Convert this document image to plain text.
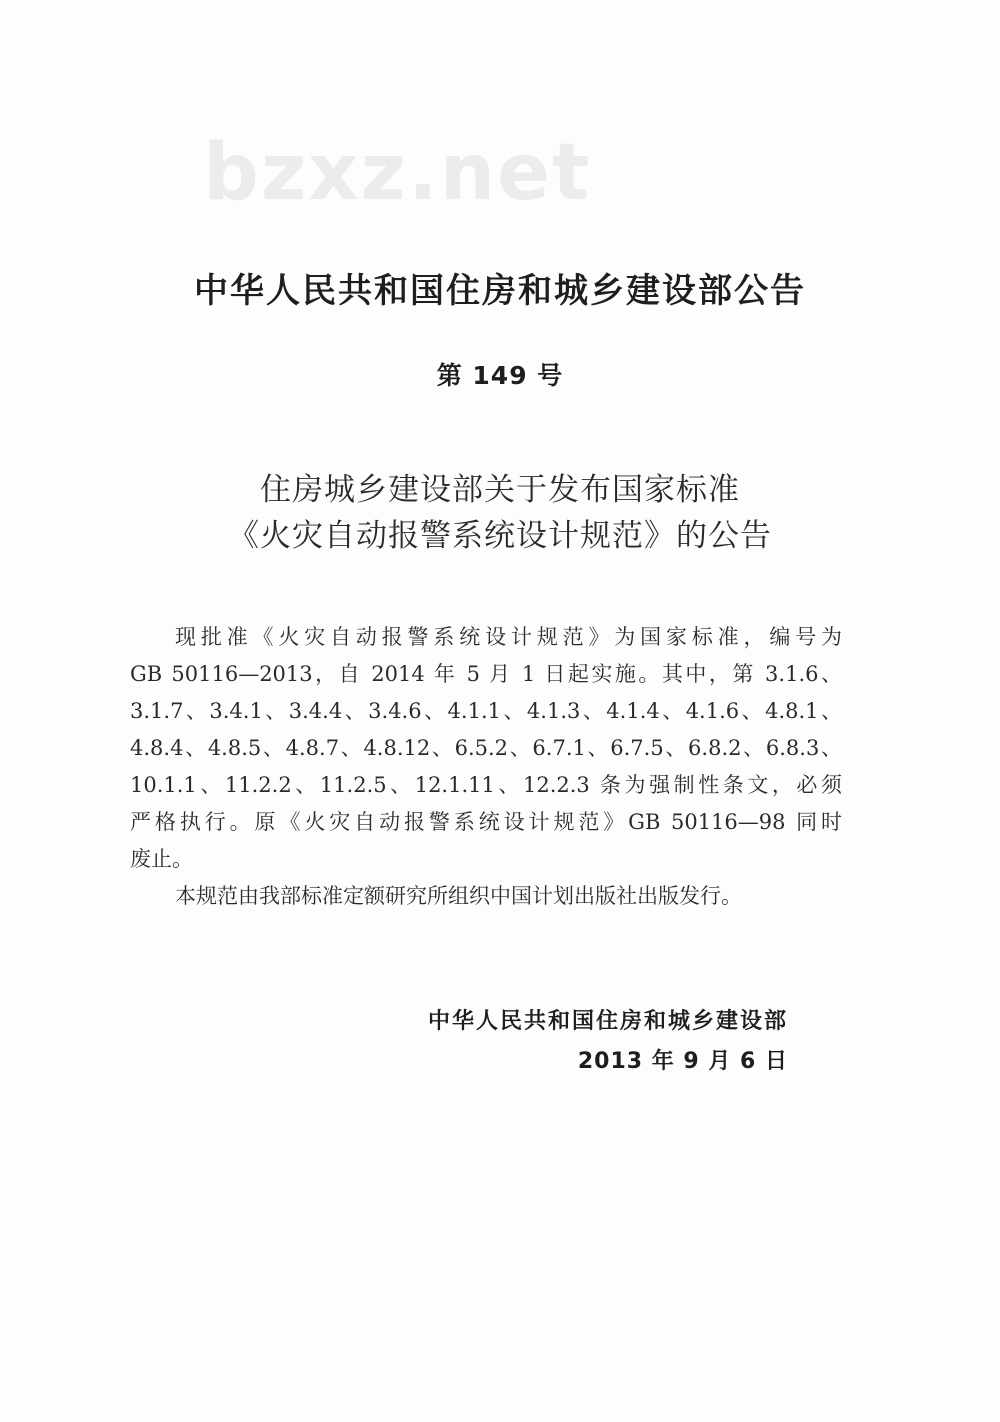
bzxz.net
中华人民共和国住房和城乡建设部公告
第 149 号
住房城乡建设部关于发布国家标准
《火灾自动报警系统设计规范》的公告
现批准《火灾自动报警系统设计规范》为国家标准，编号为
GB 50116—2013，自 2014 年 5 月 1 日起实施。其中，第 3.1.6、
3.1.7、3.4.1、3.4.4、3.4.6、4.1.1、4.1.3、4.1.4、4.1.6、4.8.1、
4.8.4、4.8.5、4.8.7、4.8.12、6.5.2、6.7.1、6.7.5、6.8.2、6.8.3、
10.1.1、11.2.2、11.2.5、12.1.11、12.2.3 条为强制性条文，必须
严格执行。原《火灾自动报警系统设计规范》GB 50116—98 同时
废止。
本规范由我部标准定额研究所组织中国计划出版社出版发行。
中华人民共和国住房和城乡建设部
2013 年 9 月 6 日
